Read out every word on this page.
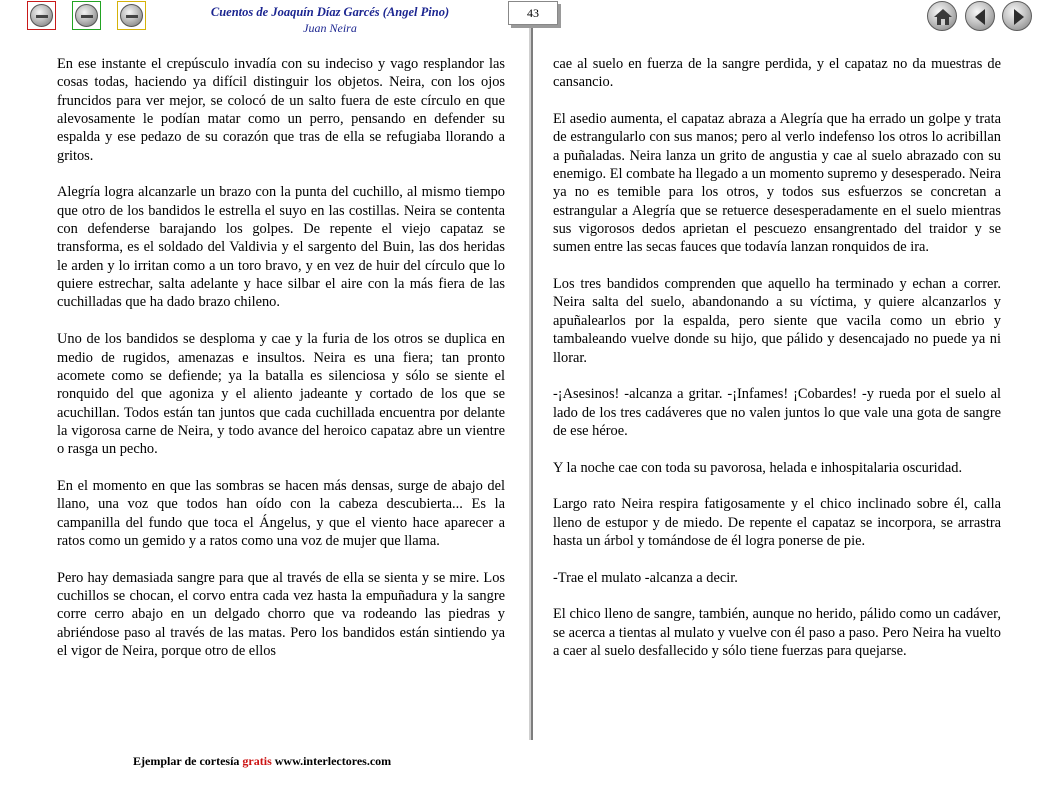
Cuentos de Joaquín Díaz Garcés (Angel Pino)
Juan Neira
43

En ese instante el crepúsculo invadía con su indeciso y vago resplandor las cosas todas, haciendo ya difícil distinguir los objetos. Neira, con los ojos fruncidos para ver mejor, se colocó de un salto fuera de este círculo en que alevosamente le podían matar como un perro, pensando en defender su espalda y ese pedazo de su corazón que tras de ella se refugiaba llorando a gritos.

Alegría logra alcanzarle un brazo con la punta del cuchillo, al mismo tiempo que otro de los bandidos le estrella el suyo en las costillas. Neira se contenta con defenderse barajando los golpes. De repente el viejo capataz se transforma, es el soldado del Valdivia y el sargento del Buin, las dos heridas le arden y lo irritan como a un toro bravo, y en vez de huir del círculo que lo quiere estrechar, salta adelante y hace silbar el aire con la más fiera de las cuchilladas que ha dado brazo chileno.

Uno de los bandidos se desploma y cae y la furia de los otros se duplica en medio de rugidos, amenazas e insultos. Neira es una fiera; tan pronto acomete como se defiende; ya la batalla es silenciosa y sólo se siente el ronquido del que agoniza y el aliento jadeante y cortado de los que se acuchillan. Todos están tan juntos que cada cuchillada encuentra por delante la vigorosa carne de Neira, y todo avance del heroico capataz abre un vientre o rasga un pecho.

En el momento en que las sombras se hacen más densas, surge de abajo del llano, una voz que todos han oído con la cabeza descubierta... Es la campanilla del fundo que toca el Ángelus, y que el viento hace aparecer a ratos como un gemido y a ratos como una voz de mujer que llama.

Pero hay demasiada sangre para que al través de ella se sienta y se mire. Los cuchillos se chocan, el corvo entra cada vez hasta la empuñadura y la sangre corre cerro abajo en un delgado chorro que va rodeando las piedras y abriéndose paso al través de las matas. Pero los bandidos están sintiendo ya el vigor de Neira, porque otro de ellos

cae al suelo en fuerza de la sangre perdida, y el capataz no da muestras de cansancio.

El asedio aumenta, el capataz abraza a Alegría que ha errado un golpe y trata de estrangularlo con sus manos; pero al verlo indefenso los otros lo acribillan a puñaladas. Neira lanza un grito de angustia y cae al suelo abrazado con su enemigo. El combate ha llegado a un momento supremo y desesperado. Neira ya no es temible para los otros, y todos sus esfuerzos se concretan a estrangular a Alegría que se retuerce desesperadamente en el suelo mientras sus vigorosos dedos aprietan el pescuezo ensangrentado del traidor y se sumen entre las secas fauces que todavía lanzan ronquidos de ira.

Los tres bandidos comprenden que aquello ha terminado y echan a correr. Neira salta del suelo, abandonando a su víctima, y quiere alcanzarlos y apuñalearlos por la espalda, pero siente que vacila como un ebrio y tambaleando vuelve donde su hijo, que pálido y desencajado no puede ya ni llorar.

-¡Asesinos! -alcanza a gritar. -¡Infames! ¡Cobardes! -y rueda por el suelo al lado de los tres cadáveres que no valen juntos lo que vale una gota de sangre de ese héroe.

Y la noche cae con toda su pavorosa, helada e inhospitalaria oscuridad.

Largo rato Neira respira fatigosamente y el chico inclinado sobre él, calla lleno de estupor y de miedo. De repente el capataz se incorpora, se arrastra hasta un árbol y tomándose de él logra ponerse de pie.

-Trae el mulato -alcanza a decir.

El chico lleno de sangre, también, aunque no herido, pálido como un cadáver, se acerca a tientas al mulato y vuelve con él paso a paso. Pero Neira ha vuelto a caer al suelo desfallecido y sólo tiene fuerzas para quejarse.

Ejemplar de cortesía gratis www.interlectores.com
